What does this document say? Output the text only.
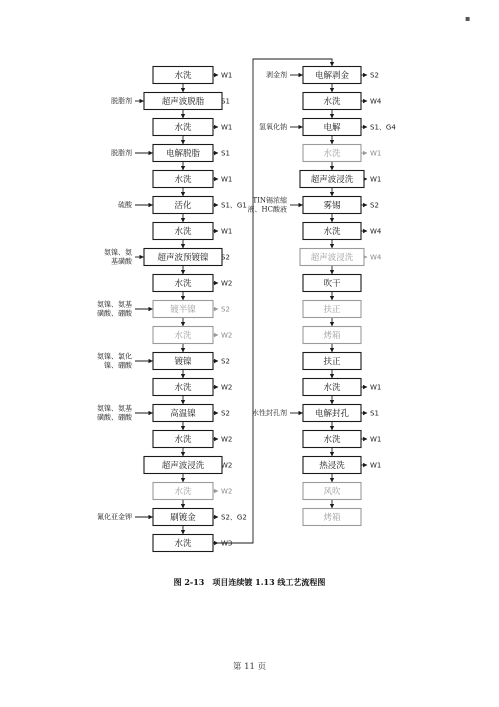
▪
水洗	W1
超声波脱脂
脱脂剂	S1
水洗	W1
电解脱脂
脱脂剂	S1
水洗	W1
活化
硫酸	S1、G1
水洗	W1
超声波预镀镍
氨镍、氨
基磺酸	S2
水洗	W2
镀半镍
氨镍、氨基
磺酸、硼酸	S2
水洗	W2
镀镍
氨镍、氯化
镍、硼酸	S2
水洗	W2
高温镍
氨镍、氨基
磺酸、硼酸	S2
水洗	W2
超声波浸洗 W2
水洗	W2
刷镀金
氰化亚金钾	S2、G2
水洗	W3
电解剥金
剥金剂	S2
水洗	W4
电解
氢氧化钠	S1、G4
水洗	W1
超声波浸洗 W1
雾锡
TIN锡浓缩
液、HC酸液	S2
水洗	W4
超声波浸洗 W4
吹干
扶正
烤箱
扶正
水洗	W1
电解封孔
水性封孔剂	S1
水洗	W1
热浸洗	W1
风吹
烤箱
图 2-13　项目连续镀 1.13 线工艺流程图
第 11 页
